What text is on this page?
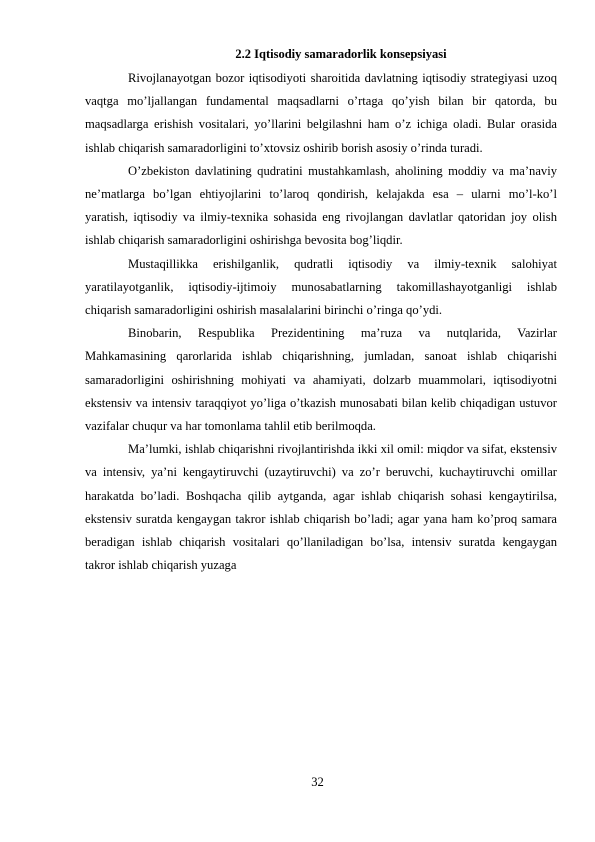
2.2 Iqtisodiy samaradorlik konsepsiyasi

Rivojlanayotgan bozor iqtisodiyoti sharoitida davlatning iqtisodiy strategiyasi uzoq vaqtga mo’ljallangan fundamental maqsadlarni o’rtaga qo’yish bilan bir qatorda, bu maqsadlarga erishish vositalari, yo’llarini belgilashni ham o’z ichiga oladi. Bular orasida ishlab chiqarish samaradorligini to’xtovsiz oshirib borish asosiy o’rinda turadi.

O’zbekiston davlatining qudratini mustahkamlash, aholining moddiy va ma’naviy ne’matlarga bo’lgan ehtiyojlarini to’laroq qondirish, kelajakda esa – ularni mo’l-ko’l yaratish, iqtisodiy va ilmiy-texnika sohasida eng rivojlangan davlatlar qatoridan joy olish ishlab chiqarish samaradorligini oshirishga bevosita bog’liqdir.

Mustaqillikka erishilganlik, qudratli iqtisodiy va ilmiy-texnik salohiyat yaratilayotganlik, iqtisodiy-ijtimoiy munosabatlarning takomillashayotganligi ishlab chiqarish samaradorligini oshirish masalalarini birinchi o’ringa qo’ydi.

Binobarin, Respublika Prezidentining ma’ruza va nutqlarida, Vazirlar Mahkamasining qarorlarida ishlab chiqarishning, jumladan, sanoat ishlab chiqarishi samaradorligini oshirishning mohiyati va ahamiyati, dolzarb muammolari, iqtisodiyotni ekstensiv va intensiv taraqqiyot yo’liga o’tkazish munosabati bilan kelib chiqadigan ustuvor vazifalar chuqur va har tomonlama tahlil etib berilmoqda.

Ma’lumki, ishlab chiqarishni rivojlantirishda ikki xil omil: miqdor va sifat, ekstensiv va intensiv, ya’ni kengaytiruvchi (uzaytiruvchi) va zo’r beruvchi, kuchaytiruvchi omillar harakatda bo’ladi. Boshqacha qilib aytganda, agar ishlab chiqarish sohasi kengaytirilsa, ekstensiv suratda kengaygan takror ishlab chiqarish bo’ladi; agar yana ham ko’proq samara beradigan ishlab chiqarish vositalari qo’llaniladigan bo’lsa, intensiv suratda kengaygan takror ishlab chiqarish yuzaga

32
